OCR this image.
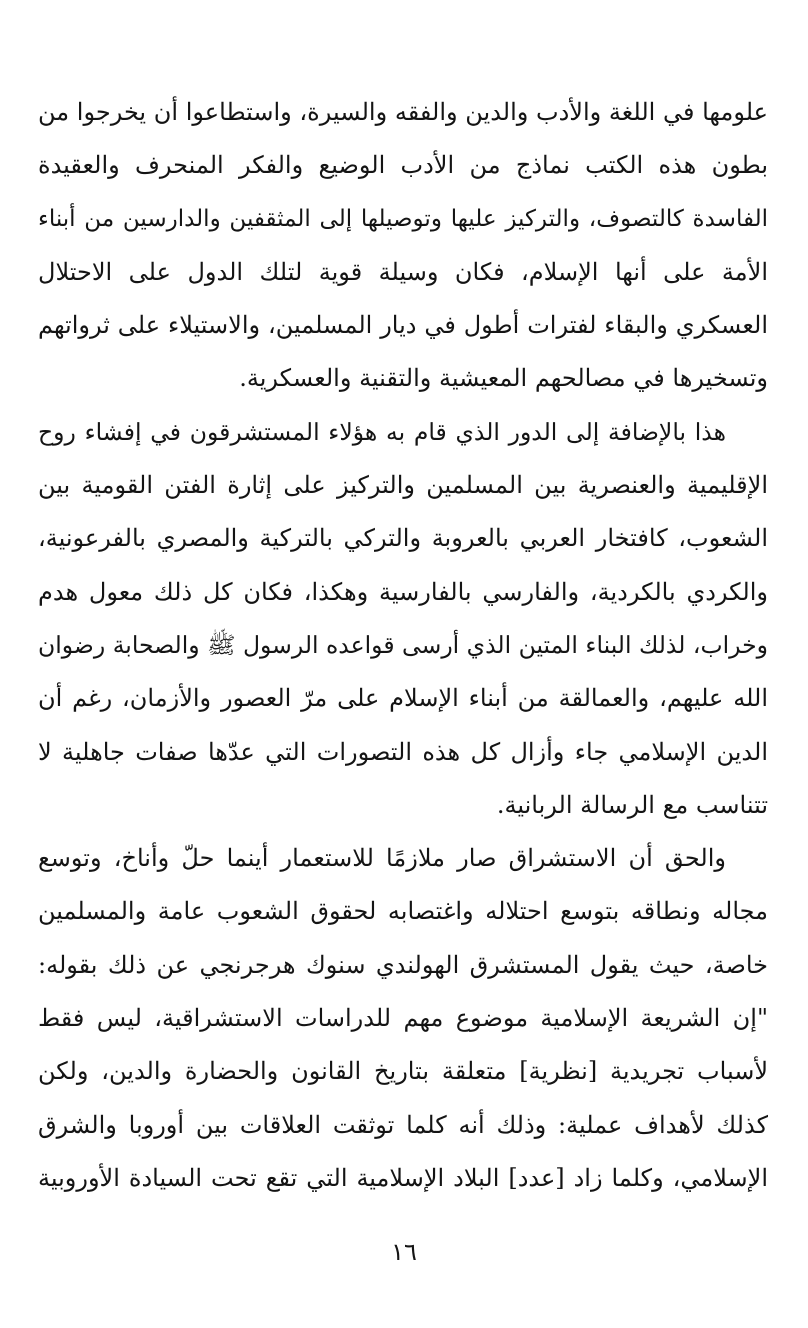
علومها في اللغة والأدب والدين والفقه والسيرة، واستطاعوا أن يخرجوا من
بطون هذه الكتب نماذج من الأدب الوضيع والفكر المنحرف والعقيدة
الفاسدة كالتصوف، والتركيز عليها وتوصيلها إلى المثقفين والدارسين من أبناء
الأمة على أنها الإسلام، فكان وسيلة قوية لتلك الدول على الاحتلال
العسكري والبقاء لفترات أطول في ديار المسلمين، والاستيلاء على ثرواتهم
وتسخيرها في مصالحهم المعيشية والتقنية والعسكرية.
هذا بالإضافة إلى الدور الذي قام به هؤلاء المستشرقون في إفشاء روح
الإقليمية والعنصرية بين المسلمين والتركيز على إثارة الفتن القومية بين
الشعوب، كافتخار العربي بالعروبة والتركي بالتركية والمصري بالفرعونية،
والكردي بالكردية، والفارسي بالفارسية وهكذا، فكان كل ذلك معول هدم
وخراب، لذلك البناء المتين الذي أرسى قواعده الرسول ﷺ والصحابة رضوان
الله عليهم، والعمالقة من أبناء الإسلام على مرّ العصور والأزمان، رغم أن
الدين الإسلامي جاء وأزال كل هذه التصورات التي عدّها صفات جاهلية لا
تتناسب مع الرسالة الربانية.
والحق أن الاستشراق صار ملازمًا للاستعمار أينما حلّ وأناخ، وتوسع
مجاله ونطاقه بتوسع احتلاله واغتصابه لحقوق الشعوب عامة والمسلمين
خاصة، حيث يقول المستشرق الهولندي سنوك هرجرنجي عن ذلك بقوله:
"إن الشريعة الإسلامية موضوع مهم للدراسات الاستشراقية، ليس فقط
لأسباب تجريدية [نظرية] متعلقة بتاريخ القانون والحضارة والدين، ولكن
كذلك لأهداف عملية: وذلك أنه كلما توثقت العلاقات بين أوروبا والشرق
الإسلامي، وكلما زاد [عدد] البلاد الإسلامية التي تقع تحت السيادة الأوروبية
١٦
